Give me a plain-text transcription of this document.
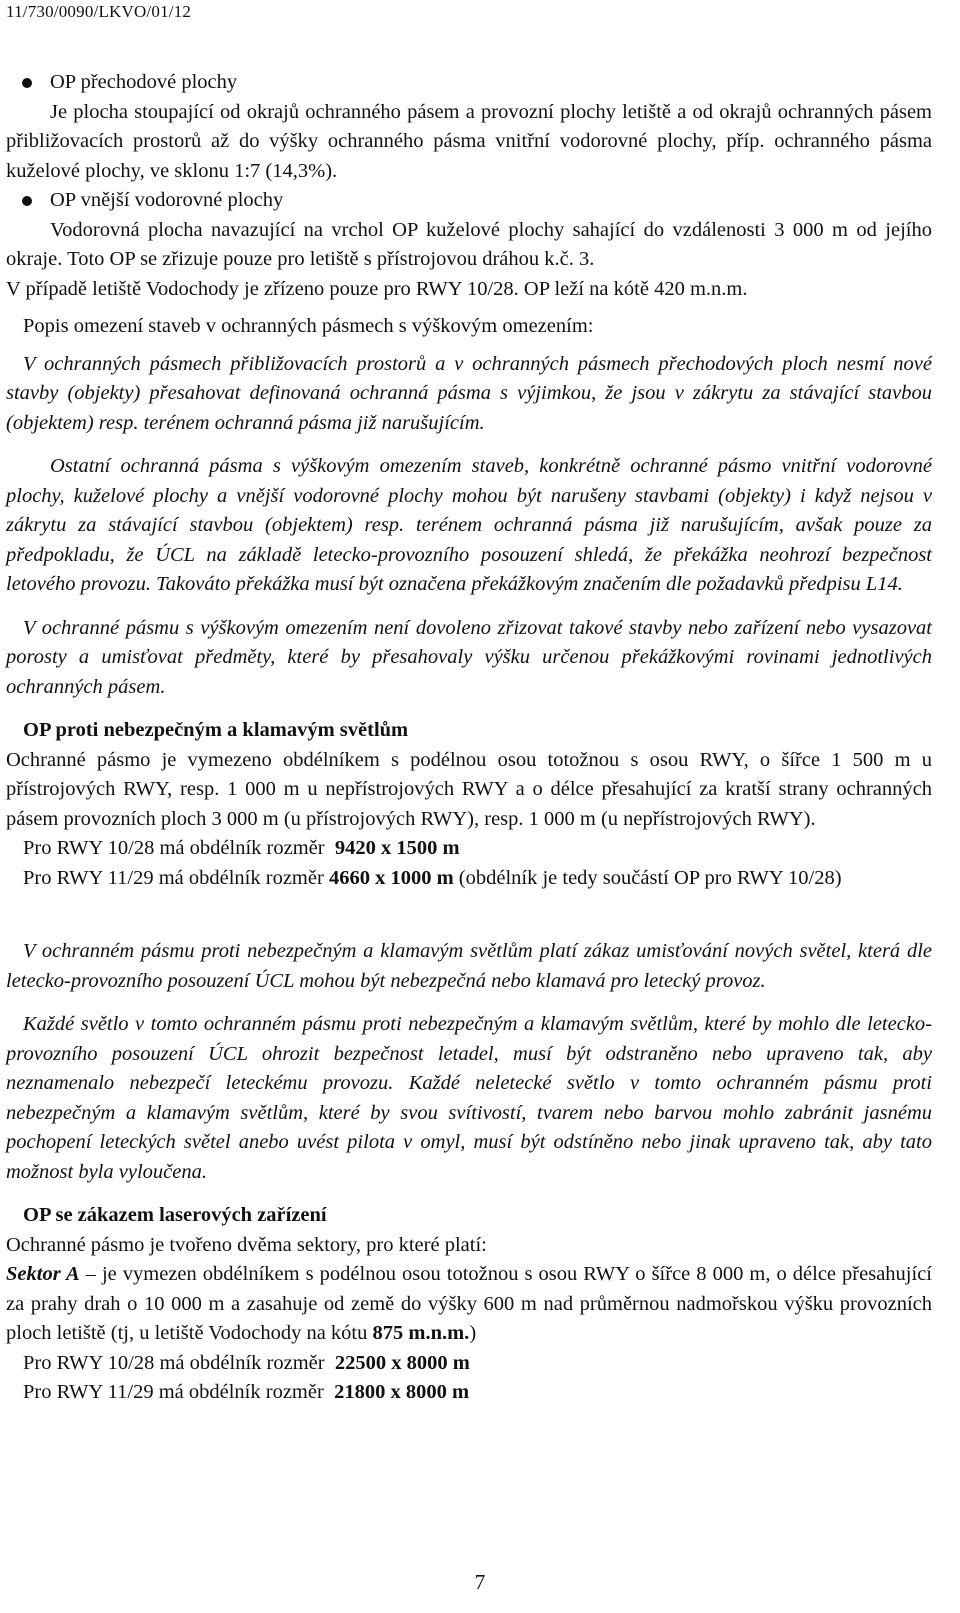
11/730/0090/LKVO/01/12

OP přechodové plochy

Je plocha stoupající od okrajů ochranného pásem a provozní plochy letiště a od okrajů ochranných pásem přibližovacích prostorů až do výšky ochranného pásma vnitřní vodorovné plochy, příp. ochranného pásma kuželové plochy, ve sklonu 1:7 (14,3%).

OP vnější vodorovné plochy

Vodorovná plocha navazující na vrchol OP kuželové plochy sahající do vzdálenosti 3 000 m od jejího okraje. Toto OP se zřizuje pouze pro letiště s přístrojovou dráhou k.č. 3.

V případě letiště Vodochody je zřízeno pouze pro RWY 10/28. OP leží na kótě 420 m.n.m.

Popis omezení staveb v ochranných pásmech s výškovým omezením:

V ochranných pásmech přibližovacích prostorů a v ochranných pásmech přechodových ploch nesmí nové stavby (objekty) přesahovat definovaná ochranná pásma s výjimkou, že jsou v zákrytu za stávající stavbou (objektem) resp. terénem ochranná pásma již narušujícím.

Ostatní ochranná pásma s výškovým omezením staveb, konkrétně ochranné pásmo vnitřní vodorovné plochy, kuželové plochy a vnější vodorovné plochy mohou být narušeny stavbami (objekty) i když nejsou v zákrytu za stávající stavbou (objektem) resp. terénem ochranná pásma již narušujícím, avšak pouze za předpokladu, že ÚCL na základě letecko-provozního posouzení shledá, že překážka neohrozí bezpečnost letového provozu. Takováto překážka musí být označena překážkovým značením dle požadavků předpisu L14.

V ochranné pásmu s výškovým omezením není dovoleno zřizovat takové stavby nebo zařízení nebo vysazovat porosty a umisťovat předměty, které by přesahovaly výšku určenou překážkovými rovinami jednotlivých ochranných pásem.

OP proti nebezpečným a klamavým světlům

Ochranné pásmo je vymezeno obdélníkem s podélnou osou totožnou s osou RWY, o šířce 1 500 m u přístrojových RWY, resp. 1 000 m u nepřístrojových RWY a o délce přesahující za kratší strany ochranných pásem provozních ploch 3 000 m (u přístrojových RWY), resp. 1 000 m (u nepřístrojových RWY).

Pro RWY 10/28 má obdélník rozměr 9420 x 1500 m

Pro RWY 11/29 má obdélník rozměr 4660 x 1000 m (obdélník je tedy součástí OP pro RWY 10/28)

V ochranném pásmu proti nebezpečným a klamavým světlům platí zákaz umisťování nových světel, která dle letecko-provozního posouzení ÚCL mohou být nebezpečná nebo klamavá pro letecký provoz.

Každé světlo v tomto ochranném pásmu proti nebezpečným a klamavým světlům, které by mohlo dle letecko-provozního posouzení ÚCL ohrozit bezpečnost letadel, musí být odstraněno nebo upraveno tak, aby neznamenalo nebezpečí leteckému provozu. Každé neletecké světlo v tomto ochranném pásmu proti nebezpečným a klamavým světlům, které by svou svítivostí, tvarem nebo barvou mohlo zabránit jasnému pochopení leteckých světel anebo uvést pilota v omyl, musí být odstíněno nebo jinak upraveno tak, aby tato možnost byla vyloučena.

OP se zákazem laserových zařízení

Ochranné pásmo je tvořeno dvěma sektory, pro které platí:

Sektor A – je vymezen obdélníkem s podélnou osou totožnou s osou RWY o šířce 8 000 m, o délce přesahující za prahy drah o 10 000 m a zasahuje od země do výšky 600 m nad průměrnou nadmořskou výšku provozních ploch letiště (tj, u letiště Vodochody na kótu 875 m.n.m.)

Pro RWY 10/28 má obdélník rozměr 22500 x 8000 m

Pro RWY 11/29 má obdélník rozměr 21800 x 8000 m

7
